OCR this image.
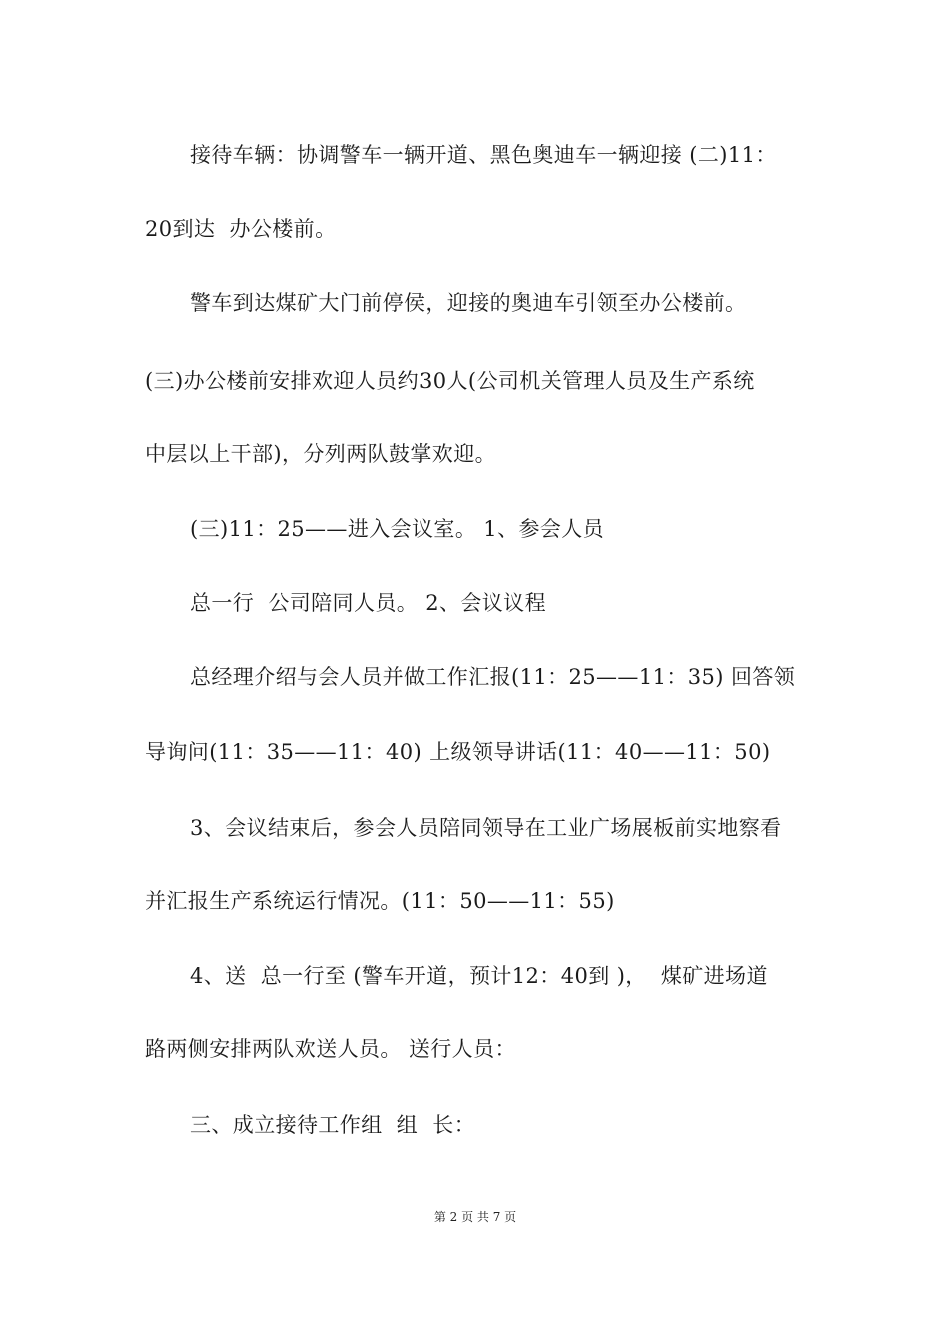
接待车辆：协调警车一辆开道、黑色奥迪车一辆迎接 (二)11：

20到达  办公楼前。

警车到达煤矿大门前停侯，迎接的奥迪车引领至办公楼前。

(三)办公楼前安排欢迎人员约30人(公司机关管理人员及生产系统

中层以上干部)，分列两队鼓掌欢迎。

(三)11：25——进入会议室。 1、参会人员

总一行  公司陪同人员。 2、会议议程

总经理介绍与会人员并做工作汇报(11：25——11：35) 回答领

导询问(11：35——11：40) 上级领导讲话(11：40——11：50)

3、会议结束后，参会人员陪同领导在工业广场展板前实地察看

并汇报生产系统运行情况。(11：50——11：55)

4、送  总一行至 (警车开道，预计12：40到 )，  煤矿进场道

路两侧安排两队欢送人员。 送行人员：

三、成立接待工作组  组  长：

第 2 页 共 7 页
